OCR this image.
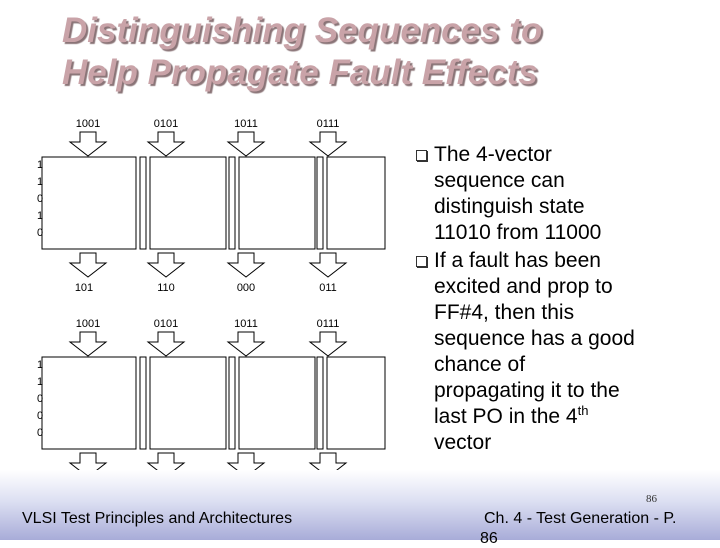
Distinguishing Sequences to
Help Propagate Fault Effects
1001	0101	1011	0111
1
1
0
1
0
101	110	000	011
1001	0101	1011	0111
1
1
0
0
0
The 4-vector
sequence can
distinguish state
11010 from 11000
If a fault has been
excited and prop to
FF#4, then this
sequence has a good
chance of
propagating it to the
last PO in the 4th
vector
VLSI Test Principles and Architectures
86
Ch. 4 - Test Generation - P.
86
